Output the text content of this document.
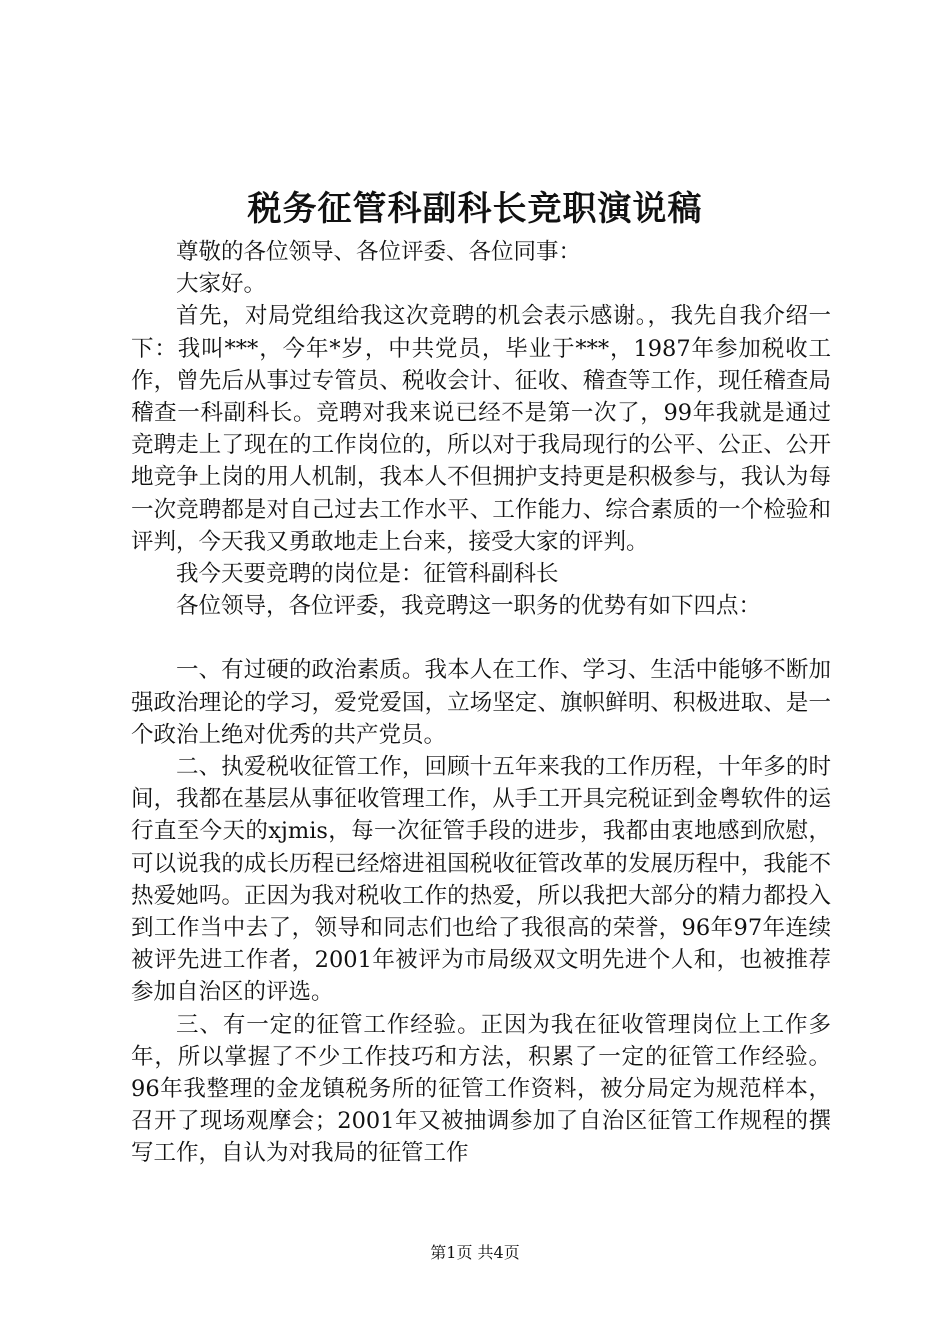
税务征管科副科长竞职演说稿

尊敬的各位领导、各位评委、各位同事：

大家好。

首先，对局党组给我这次竞聘的机会表示感谢。，我先自我介绍一下：我叫***，今年*岁，中共党员，毕业于***，1987年参加税收工作，曾先后从事过专管员、税收会计、征收、稽查等工作，现任稽查局稽查一科副科长。竞聘对我来说已经不是第一次了，99年我就是通过竞聘走上了现在的工作岗位的，所以对于我局现行的公平、公正、公开地竞争上岗的用人机制，我本人不但拥护支持更是积极参与，我认为每一次竞聘都是对自己过去工作水平、工作能力、综合素质的一个检验和评判，今天我又勇敢地走上台来，接受大家的评判。

我今天要竞聘的岗位是：征管科副科长

各位领导，各位评委，我竞聘这一职务的优势有如下四点：

一、有过硬的政治素质。我本人在工作、学习、生活中能够不断加强政治理论的学习，爱党爱国，立场坚定、旗帜鲜明、积极进取、是一个政治上绝对优秀的共产党员。

二、执爱税收征管工作，回顾十五年来我的工作历程，十年多的时间，我都在基层从事征收管理工作，从手工开具完税证到金粤软件的运行直至今天的xjmis，每一次征管手段的进步，我都由衷地感到欣慰，可以说我的成长历程已经熔进祖国税收征管改革的发展历程中，我能不热爱她吗。正因为我对税收工作的热爱，所以我把大部分的精力都投入到工作当中去了，领导和同志们也给了我很高的荣誉，96年97年连续被评先进工作者，2001年被评为市局级双文明先进个人和，也被推荐参加自治区的评选。

三、有一定的征管工作经验。正因为我在征收管理岗位上工作多年，所以掌握了不少工作技巧和方法，积累了一定的征管工作经验。96年我整理的金龙镇税务所的征管工作资料，被分局定为规范样本，召开了现场观摩会；2001年又被抽调参加了自治区征管工作规程的撰写工作，自认为对我局的征管工作

第1页 共4页
